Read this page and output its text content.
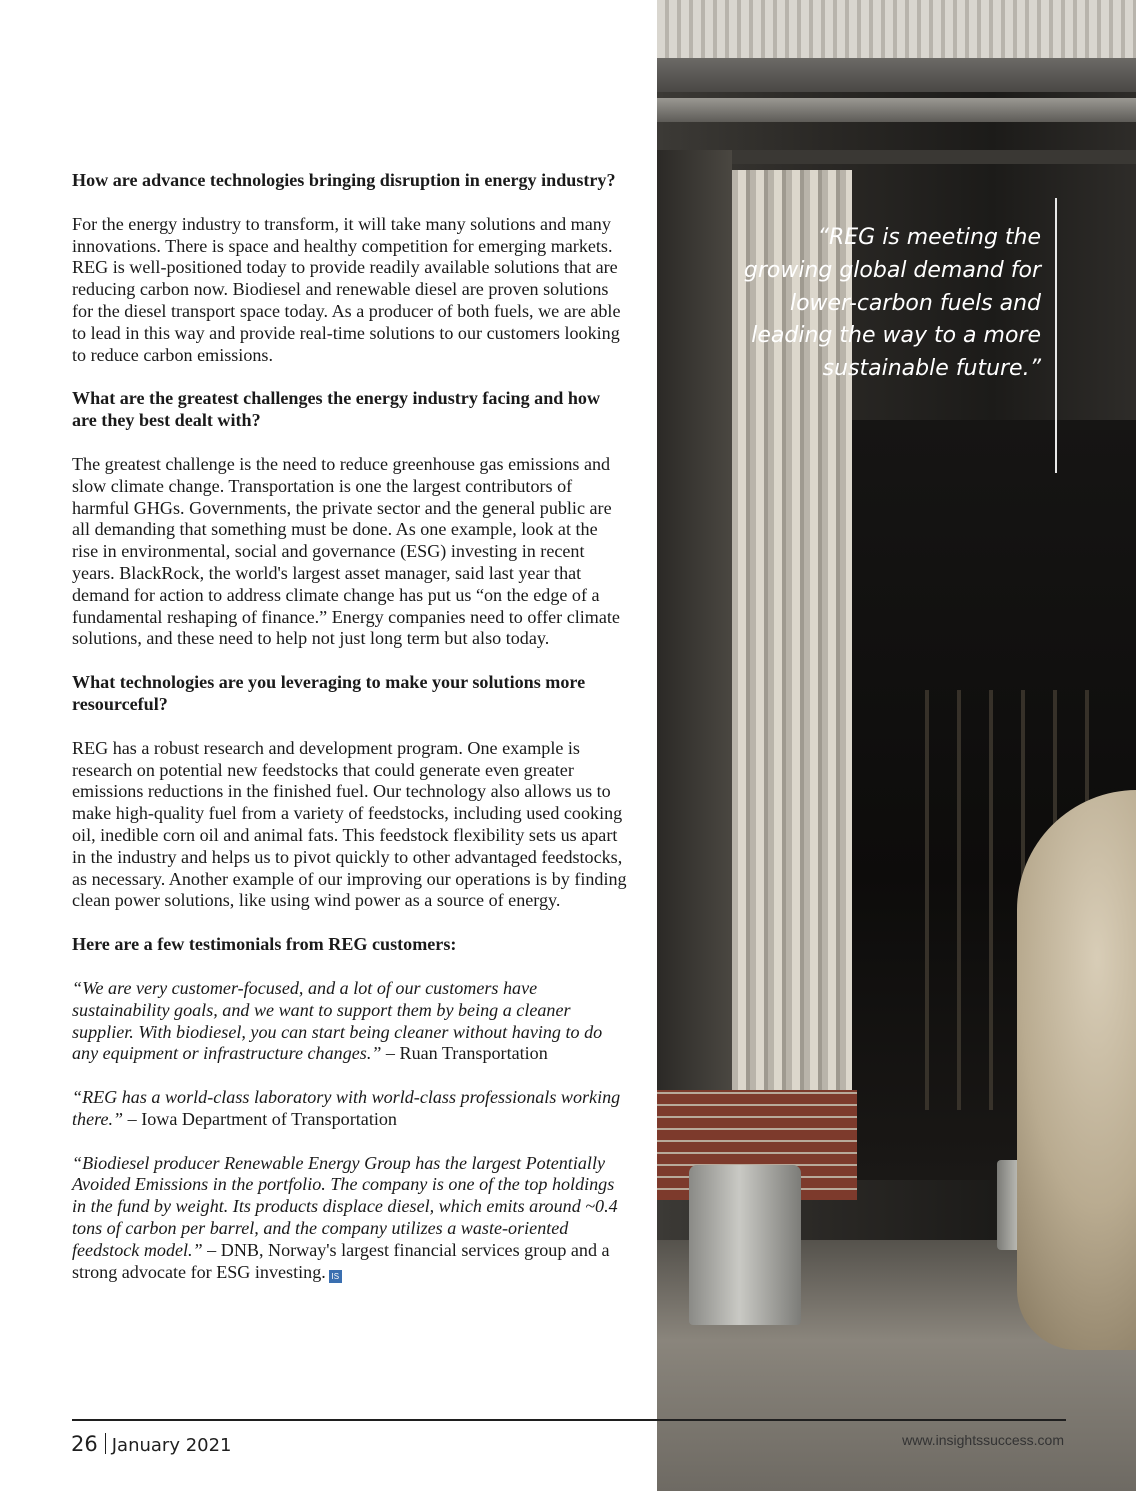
How are advance technologies bringing disruption in energy industry?

For the energy industry to transform, it will take many solutions and many innovations. There is space and healthy competition for emerging markets. REG is well-positioned today to provide readily available solutions that are reducing carbon now. Biodiesel and renewable diesel are proven solutions for the diesel transport space today. As a producer of both fuels, we are able to lead in this way and provide real-time solutions to our customers looking to reduce carbon emissions.

What are the greatest challenges the energy industry facing and how are they best dealt with?

The greatest challenge is the need to reduce greenhouse gas emissions and slow climate change. Transportation is one the largest contributors of harmful GHGs. Governments, the private sector and the general public are all demanding that something must be done. As one example, look at the rise in environmental, social and governance (ESG) investing in recent years. BlackRock, the world's largest asset manager, said last year that demand for action to address climate change has put us “on the edge of a fundamental reshaping of finance.” Energy companies need to offer climate solutions, and these need to help not just long term but also today.

What technologies are you leveraging to make your solutions more resourceful?

REG has a robust research and development program. One example is research on potential new feedstocks that could generate even greater emissions reductions in the finished fuel. Our technology also allows us to make high-quality fuel from a variety of feedstocks, including used cooking oil, inedible corn oil and animal fats. This feedstock flexibility sets us apart in the industry and helps us to pivot quickly to other advantaged feedstocks, as necessary. Another example of our improving our operations is by finding clean power solutions, like using wind power as a source of energy.

Here are a few testimonials from REG customers:

“We are very customer-focused, and a lot of our customers have sustainability goals, and we want to support them by being a cleaner supplier. With biodiesel, you can start being cleaner without having to do any equipment or infrastructure changes.” – Ruan Transportation

“REG has a world-class laboratory with world-class professionals working there.” – Iowa Department of Transportation

“Biodiesel producer Renewable Energy Group has the largest Potentially Avoided Emissions in the portfolio. The company is one of the top holdings in the fund by weight. Its products displace diesel, which emits around ~0.4 tons of carbon per barrel, and the company utilizes a waste-oriented feedstock model.” – DNB, Norway's largest financial services group and a strong advocate for ESG investing. IS

“REG is meeting the growing global demand for lower-carbon fuels and leading the way to a more sustainable future.”
www.insightssuccess.com
26 January 2021
